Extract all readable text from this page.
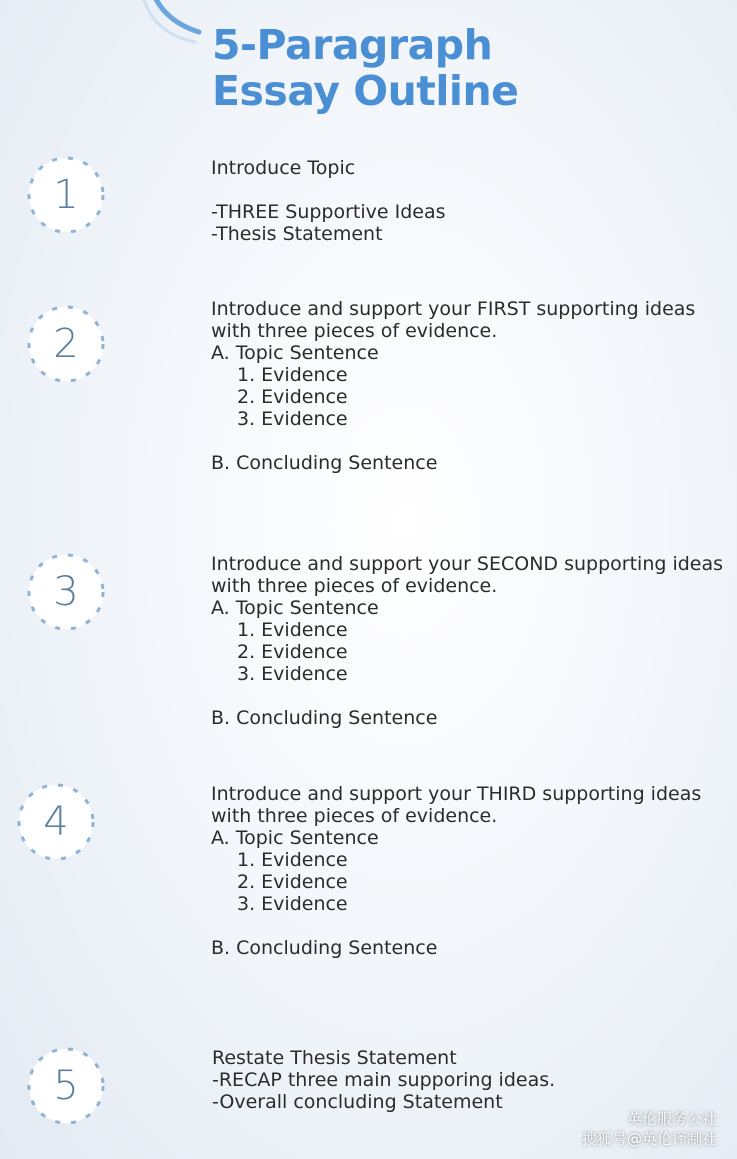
5-Paragraph
Essay Outline
1
Introduce Topic
-THREE Supportive Ideas
-Thesis Statement
2
Introduce and support your FIRST supporting ideas
with three pieces of evidence.
A. Topic Sentence
1. Evidence
2. Evidence
3. Evidence
B. Concluding Sentence
3
Introduce and support your SECOND supporting ideas
with three pieces of evidence.
A. Topic Sentence
1. Evidence
2. Evidence
3. Evidence
B. Concluding Sentence
4
Introduce and support your THIRD supporting ideas
with three pieces of evidence.
A. Topic Sentence
1. Evidence
2. Evidence
3. Evidence
B. Concluding Sentence
5
Restate Thesis Statement
-RECAP three main supporing ideas.
-Overall concluding Statement
英伦服务公社
搜狐号@英伦译制社
